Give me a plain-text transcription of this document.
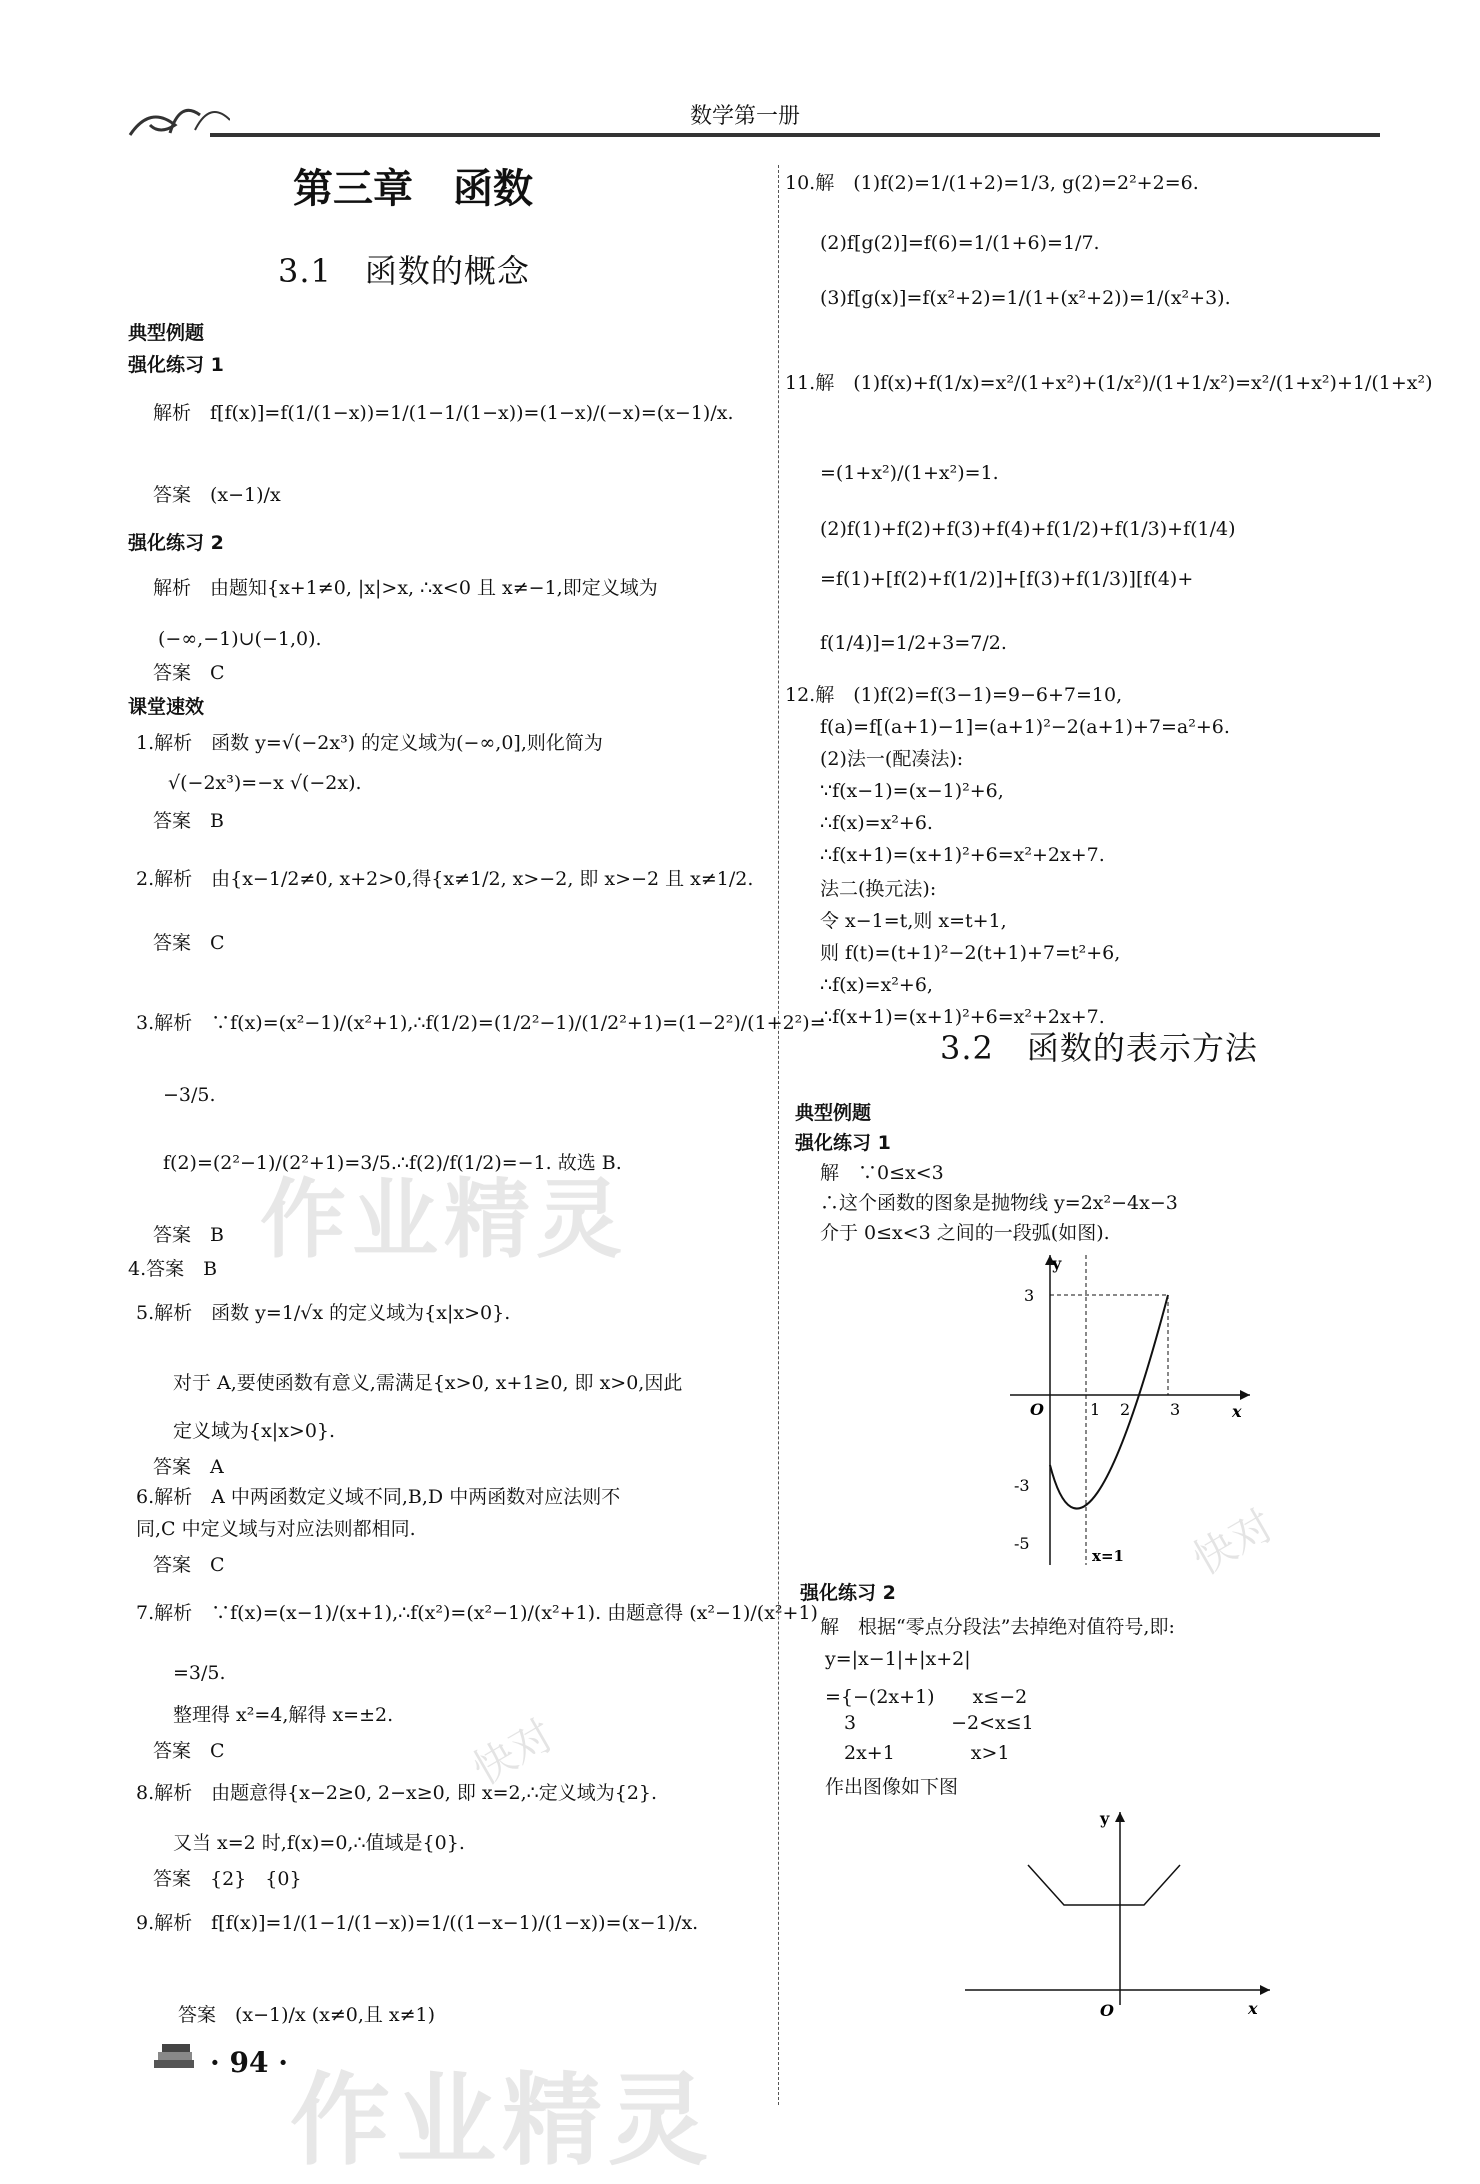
数学第一册
第三章　函数
3.1　函数的概念
典型例题
强化练习 1
解析　f[f(x)]=f(1/(1−x))=1/(1−1/(1−x))=(1−x)/(−x)=(x−1)/x.
答案　(x−1)/x
强化练习 2
解析　由题知{x+1≠0, |x|>x, ∴x<0 且 x≠−1,即定义域为
(−∞,−1)∪(−1,0).
答案　C
课堂速效
1.解析　函数 y=√(−2x³) 的定义域为(−∞,0],则化简为
√(−2x³)=−x √(−2x).
答案　B
2.解析　由{x−1/2≠0, x+2>0,得{x≠1/2, x>−2, 即 x>−2 且 x≠1/2.
答案　C
3.解析　∵f(x)=(x²−1)/(x²+1),∴f(1/2)=(1/2²−1)/(1/2²+1)=(1−2²)/(1+2²)=
−3/5.
f(2)=(2²−1)/(2²+1)=3/5.∴f(2)/f(1/2)=−1. 故选 B.
答案　B
4.答案　B
5.解析　函数 y=1/√x 的定义域为{x|x>0}.
对于 A,要使函数有意义,需满足{x>0, x+1≥0, 即 x>0,因此
定义域为{x|x>0}.
答案　A
6.解析　A 中两函数定义域不同,B,D 中两函数对应法则不
同,C 中定义域与对应法则都相同.
答案　C
7.解析　∵f(x)=(x−1)/(x+1),∴f(x²)=(x²−1)/(x²+1). 由题意得 (x²−1)/(x²+1)
=3/5.
整理得 x²=4,解得 x=±2.
答案　C
8.解析　由题意得{x−2≥0, 2−x≥0, 即 x=2,∴定义域为{2}.
又当 x=2 时,f(x)=0,∴值域是{0}.
答案　{2}　{0}
9.解析　f[f(x)]=1/(1−1/(1−x))=1/((1−x−1)/(1−x))=(x−1)/x.
答案　(x−1)/x (x≠0,且 x≠1)
10.解　(1)f(2)=1/(1+2)=1/3, g(2)=2²+2=6.
(2)f[g(2)]=f(6)=1/(1+6)=1/7.
(3)f[g(x)]=f(x²+2)=1/(1+(x²+2))=1/(x²+3).
11.解　(1)f(x)+f(1/x)=x²/(1+x²)+(1/x²)/(1+1/x²)=x²/(1+x²)+1/(1+x²)
=(1+x²)/(1+x²)=1.
(2)f(1)+f(2)+f(3)+f(4)+f(1/2)+f(1/3)+f(1/4)
=f(1)+[f(2)+f(1/2)]+[f(3)+f(1/3)][f(4)+
f(1/4)]=1/2+3=7/2.
12.解　(1)f(2)=f(3−1)=9−6+7=10,
f(a)=f[(a+1)−1]=(a+1)²−2(a+1)+7=a²+6.
(2)法一(配凑法):
∵f(x−1)=(x−1)²+6,
∴f(x)=x²+6.
∴f(x+1)=(x+1)²+6=x²+2x+7.
法二(换元法):
令 x−1=t,则 x=t+1,
则 f(t)=(t+1)²−2(t+1)+7=t²+6,
∴f(x)=x²+6,
∴f(x+1)=(x+1)²+6=x²+2x+7.
3.2　函数的表示方法
典型例题
强化练习 1
解　∵0≤x<3
∴这个函数的图象是抛物线 y=2x²−4x−3
介于 0≤x<3 之间的一段弧(如图).
y
x
O	1 2 3
3
-3
-5
x=1
强化练习 2
解　根据“零点分段法”去掉绝对值符号,即:
y=|x−1|+|x+2|
={−(2x+1)　　x≤−2
　3　　　　　−2<x≤1
　2x+1　　　　x>1
作出图像如下图
y
x
O
· 94 ·
作业精灵
作业精灵
快对
快对
